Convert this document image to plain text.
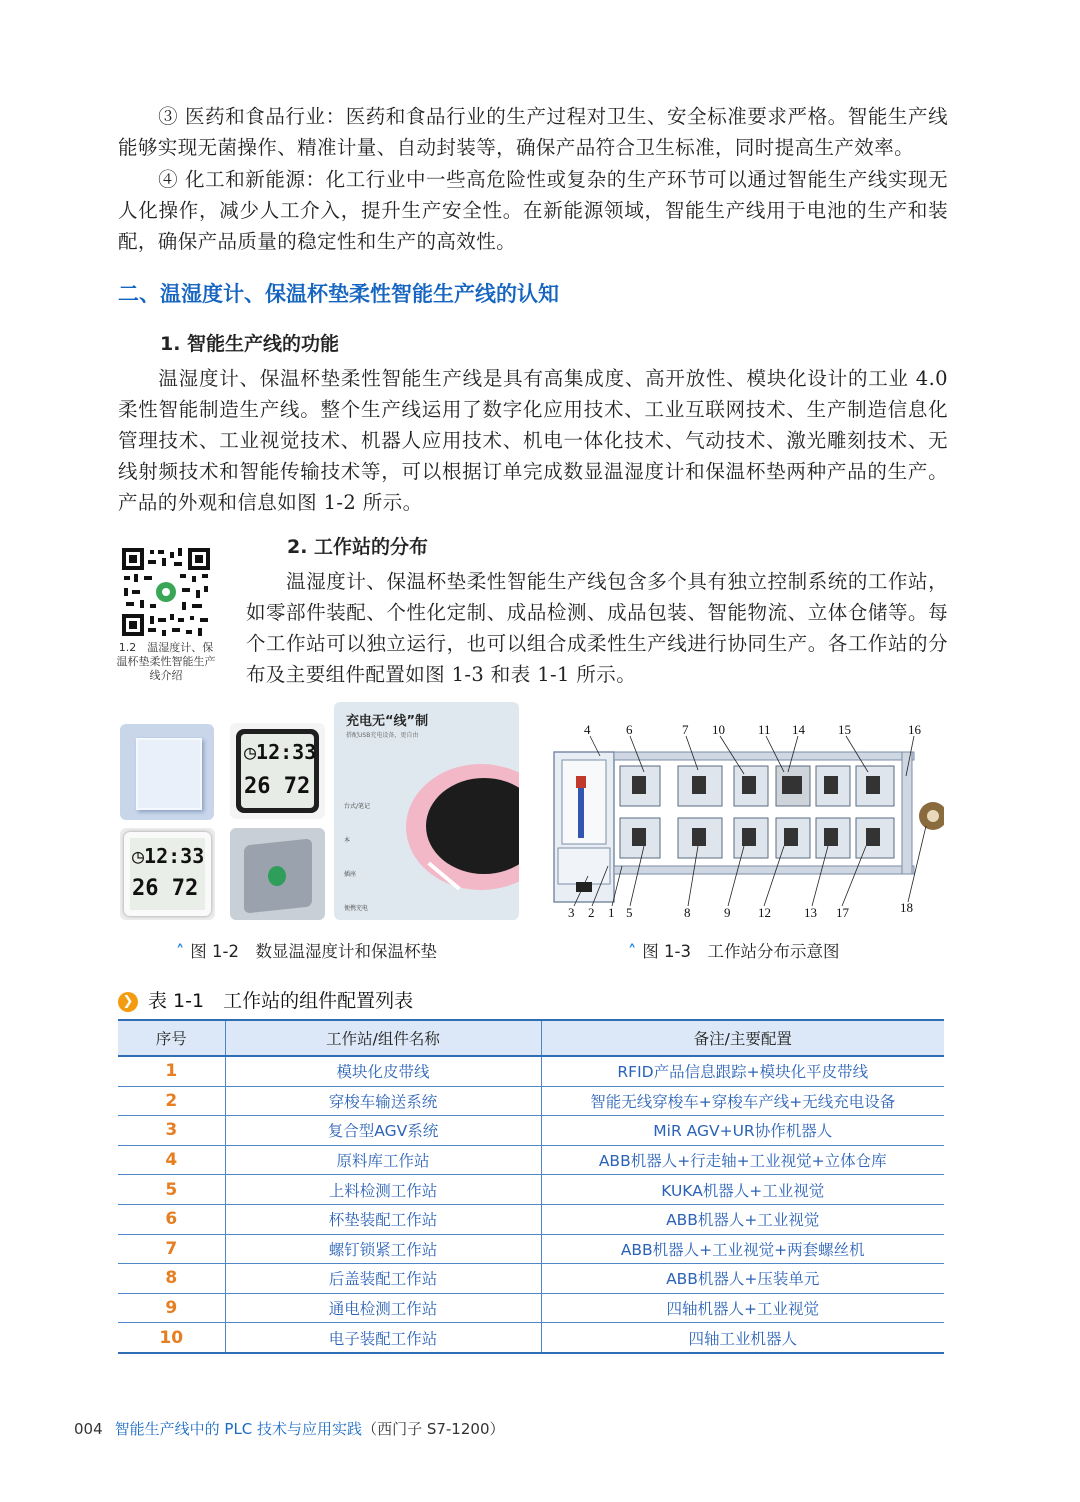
③ 医药和食品行业：医药和食品行业的生产过程对卫生、安全标准要求严格。智能生产线能够实现无菌操作、精准计量、自动封装等，确保产品符合卫生标准，同时提高生产效率。

④ 化工和新能源：化工行业中一些高危险性或复杂的生产环节可以通过智能生产线实现无人化操作，减少人工介入，提升生产安全性。在新能源领域，智能生产线用于电池的生产和装配，确保产品质量的稳定性和生产的高效性。

二、温湿度计、保温杯垫柔性智能生产线的认知
1. 智能生产线的功能

温湿度计、保温杯垫柔性智能生产线是具有高集成度、高开放性、模块化设计的工业 4.0 柔性智能制造生产线。整个生产线运用了数字化应用技术、工业互联网技术、生产制造信息化管理技术、工业视觉技术、机器人应用技术、机电一体化技术、气动技术、激光雕刻技术、无线射频技术和智能传输技术等，可以根据订单完成数显温湿度计和保温杯垫两种产品的生产。产品的外观和信息如图 1-2 所示。

1.2　温湿度计、保温杯垫柔性智能生产线介绍
2. 工作站的分布

温湿度计、保温杯垫柔性智能生产线包含多个具有独立控制系统的工作站，如零部件装配、个性化定制、成品检测、成品包装、智能物流、立体仓储等。每个工作站可以独立运行，也可以组合成柔性生产线进行协同生产。各工作站的分布及主要组件配置如图 1-3 和表 1-1 所示。

◷12:33
26 72
◷12:33
26 72
充电无“线”制
搭配USB充电设备，更自由
台式/笔记本
插座
便携充电
˄ 图 1-2　数显温湿度计和保温杯垫
4	6	7 10	11 14	15	16
3 2 1 5	8	9 12	13 17	18
˄ 图 1-3　工作站分布示意图
❯ 表 1-1　工作站的组件配置列表
序号	工作站/组件名称	备注/主要配置
1	模块化皮带线	RFID产品信息跟踪+模块化平皮带线
2	穿梭车输送系统	智能无线穿梭车+穿梭车产线+无线充电设备
3	复合型AGV系统	MiR AGV+UR协作机器人
4	原料库工作站	ABB机器人+行走轴+工业视觉+立体仓库
5	上料检测工作站	KUKA机器人+工业视觉
6	杯垫装配工作站	ABB机器人+工业视觉
7	螺钉锁紧工作站	ABB机器人+工业视觉+两套螺丝机
8	后盖装配工作站	ABB机器人+压装单元
9	通电检测工作站	四轴机器人+工业视觉
10	电子装配工作站	四轴工业机器人
004 智能生产线中的 PLC 技术与应用实践（西门子 S7-1200）
